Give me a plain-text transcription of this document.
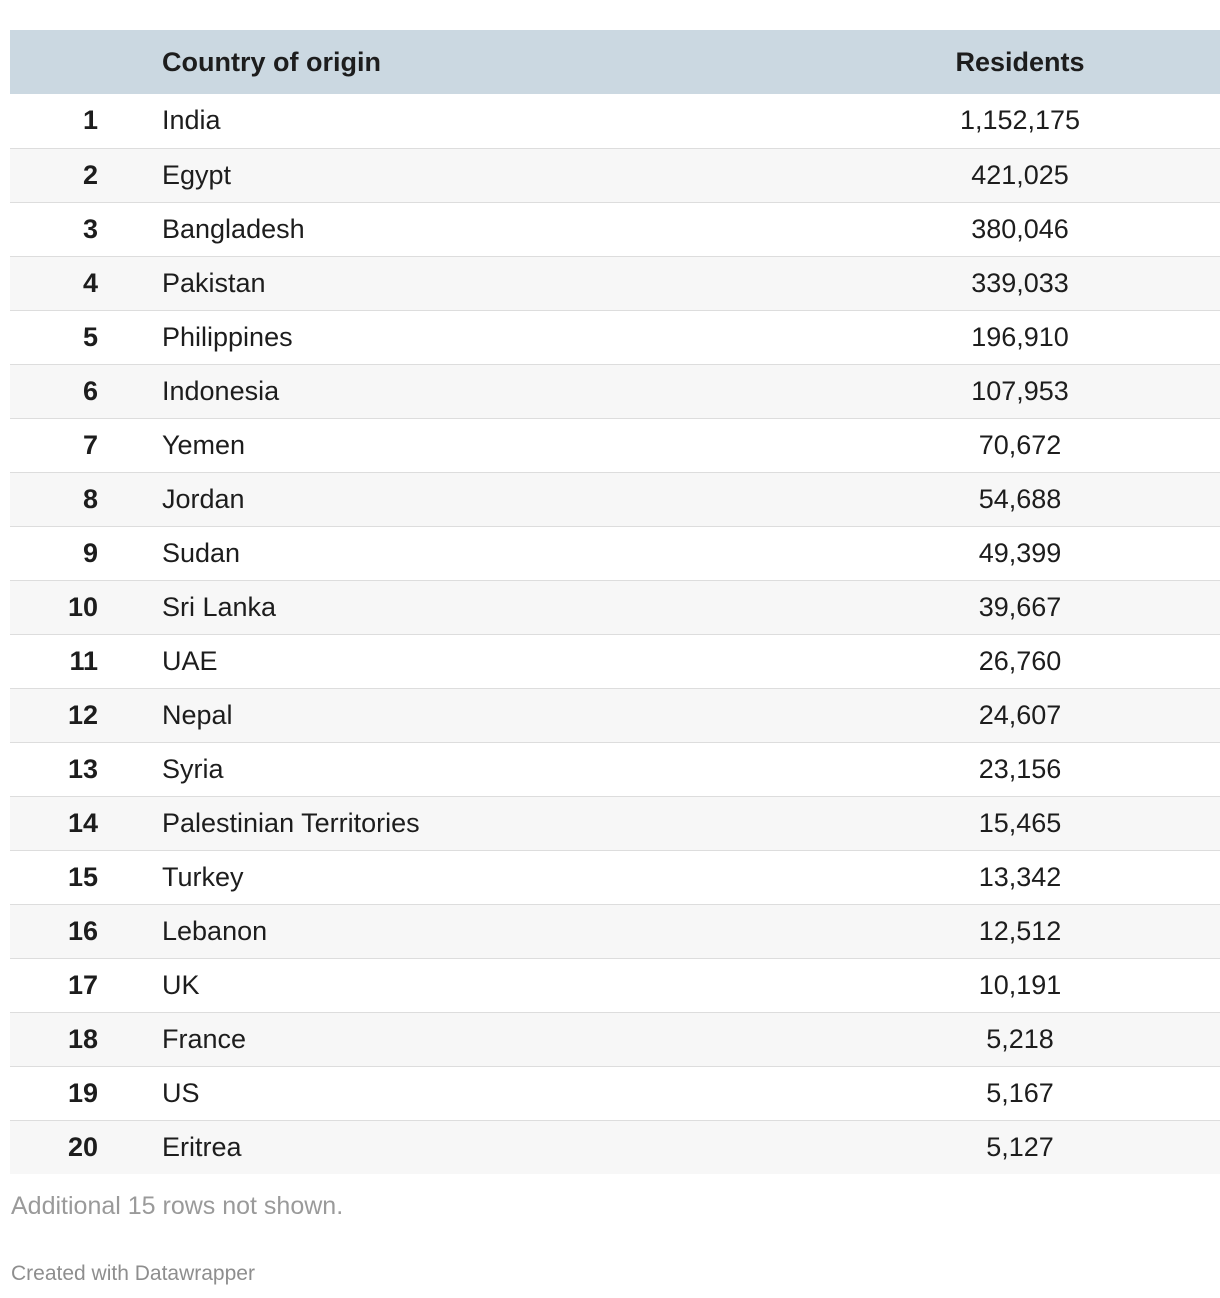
	Country of origin	Residents
1	India	1,152,175
2	Egypt	421,025
3	Bangladesh	380,046
4	Pakistan	339,033
5	Philippines	196,910
6	Indonesia	107,953
7	Yemen	70,672
8	Jordan	54,688
9	Sudan	49,399
10	Sri Lanka	39,667
11	UAE	26,760
12	Nepal	24,607
13	Syria	23,156
14	Palestinian Territories	15,465
15	Turkey	13,342
16	Lebanon	12,512
17	UK	10,191
18	France	5,218
19	US	5,167
20	Eritrea	5,127
Additional 15 rows not shown.
Created with Datawrapper
